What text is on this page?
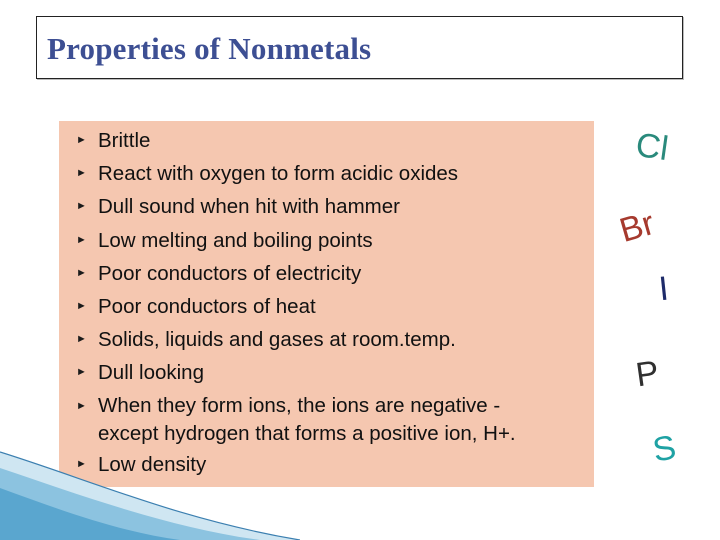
Properties of Nonmetals
► Brittle
► React with oxygen to form acidic oxides
► Dull sound when hit with hammer
► Low melting and boiling points
► Poor conductors of electricity
► Poor conductors of heat
► Solids, liquids and gases at room.temp.
► Dull looking
► When they form ions, the ions are negative -
except hydrogen that forms a positive ion, H+.
► Low density
Cl
Br
I
P
S
